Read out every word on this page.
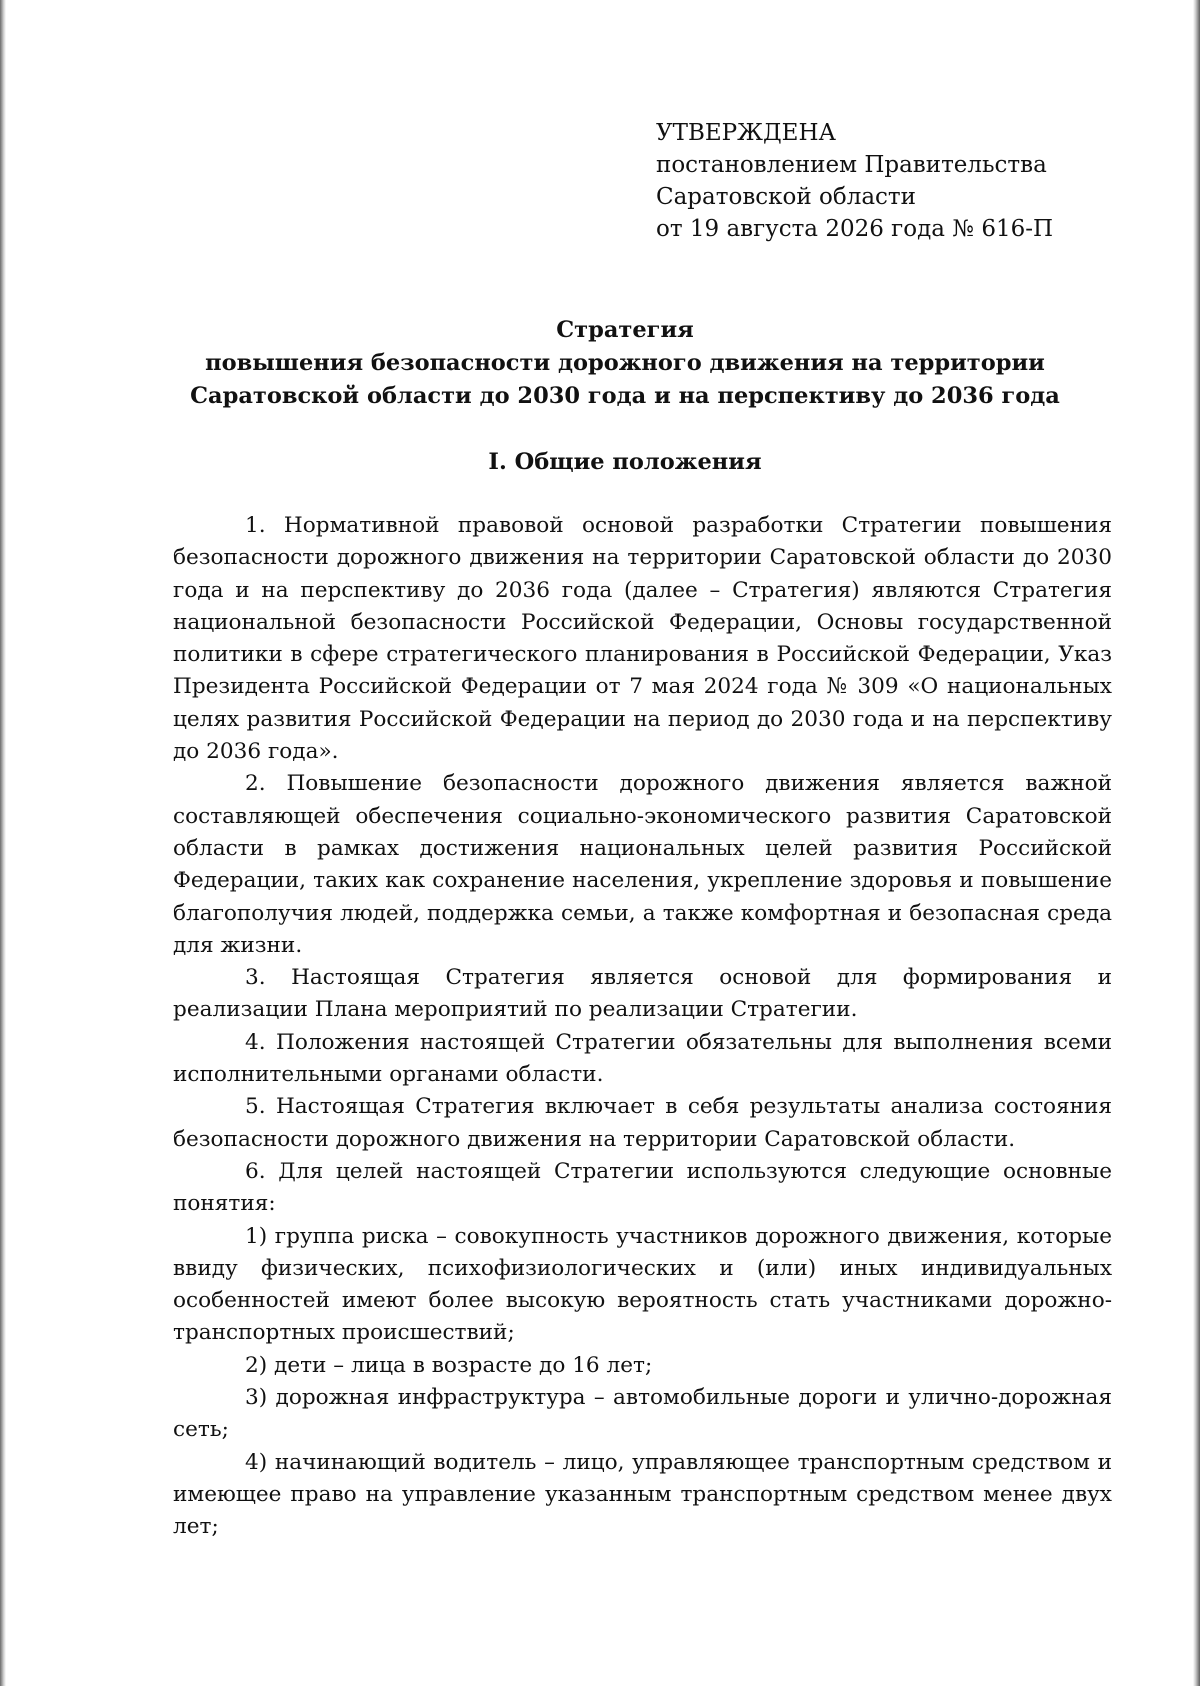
УТВЕРЖДЕНА
постановлением Правительства
Саратовской области
от 19 августа 2026 года № 616-П
Стратегия
повышения безопасности дорожного движения на территории
Саратовской области до 2030 года и на перспективу до 2036 года
I. Общие положения

1. Нормативной правовой основой разработки Стратегии повышения безопасности дорожного движения на территории Саратовской области до 2030 года и на перспективу до 2036 года (далее – Стратегия) являются Стратегия национальной безопасности Российской Федерации, Основы государственной политики в сфере стратегического планирования в Российской Федерации, Указ Президента Российской Федерации от 7 мая 2024 года № 309 «О национальных целях развития Российской Федерации на период до 2030 года и на перспективу до 2036 года».

2. Повышение безопасности дорожного движения является важной составляющей обеспечения социально-экономического развития Саратовской области в рамках достижения национальных целей развития Российской Федерации, таких как сохранение населения, укрепление здоровья и повышение благополучия людей, поддержка семьи, а также комфортная и безопасная среда для жизни.

3. Настоящая Стратегия является основой для формирования и реализации Плана мероприятий по реализации Стратегии.

4. Положения настоящей Стратегии обязательны для выполнения всеми исполнительными органами области.

5. Настоящая Стратегия включает в себя результаты анализа состояния безопасности дорожного движения на территории Саратовской области.

6. Для целей настоящей Стратегии используются следующие основные понятия:

1) группа риска – совокупность участников дорожного движения, которые ввиду физических, психофизиологических и (или) иных индивидуальных особенностей имеют более высокую вероятность стать участниками дорожно-транспортных происшествий;

2) дети – лица в возрасте до 16 лет;

3) дорожная инфраструктура – автомобильные дороги и улично-дорожная сеть;

4) начинающий водитель – лицо, управляющее транспортным средством и имеющее право на управление указанным транспортным средством менее двух лет;
